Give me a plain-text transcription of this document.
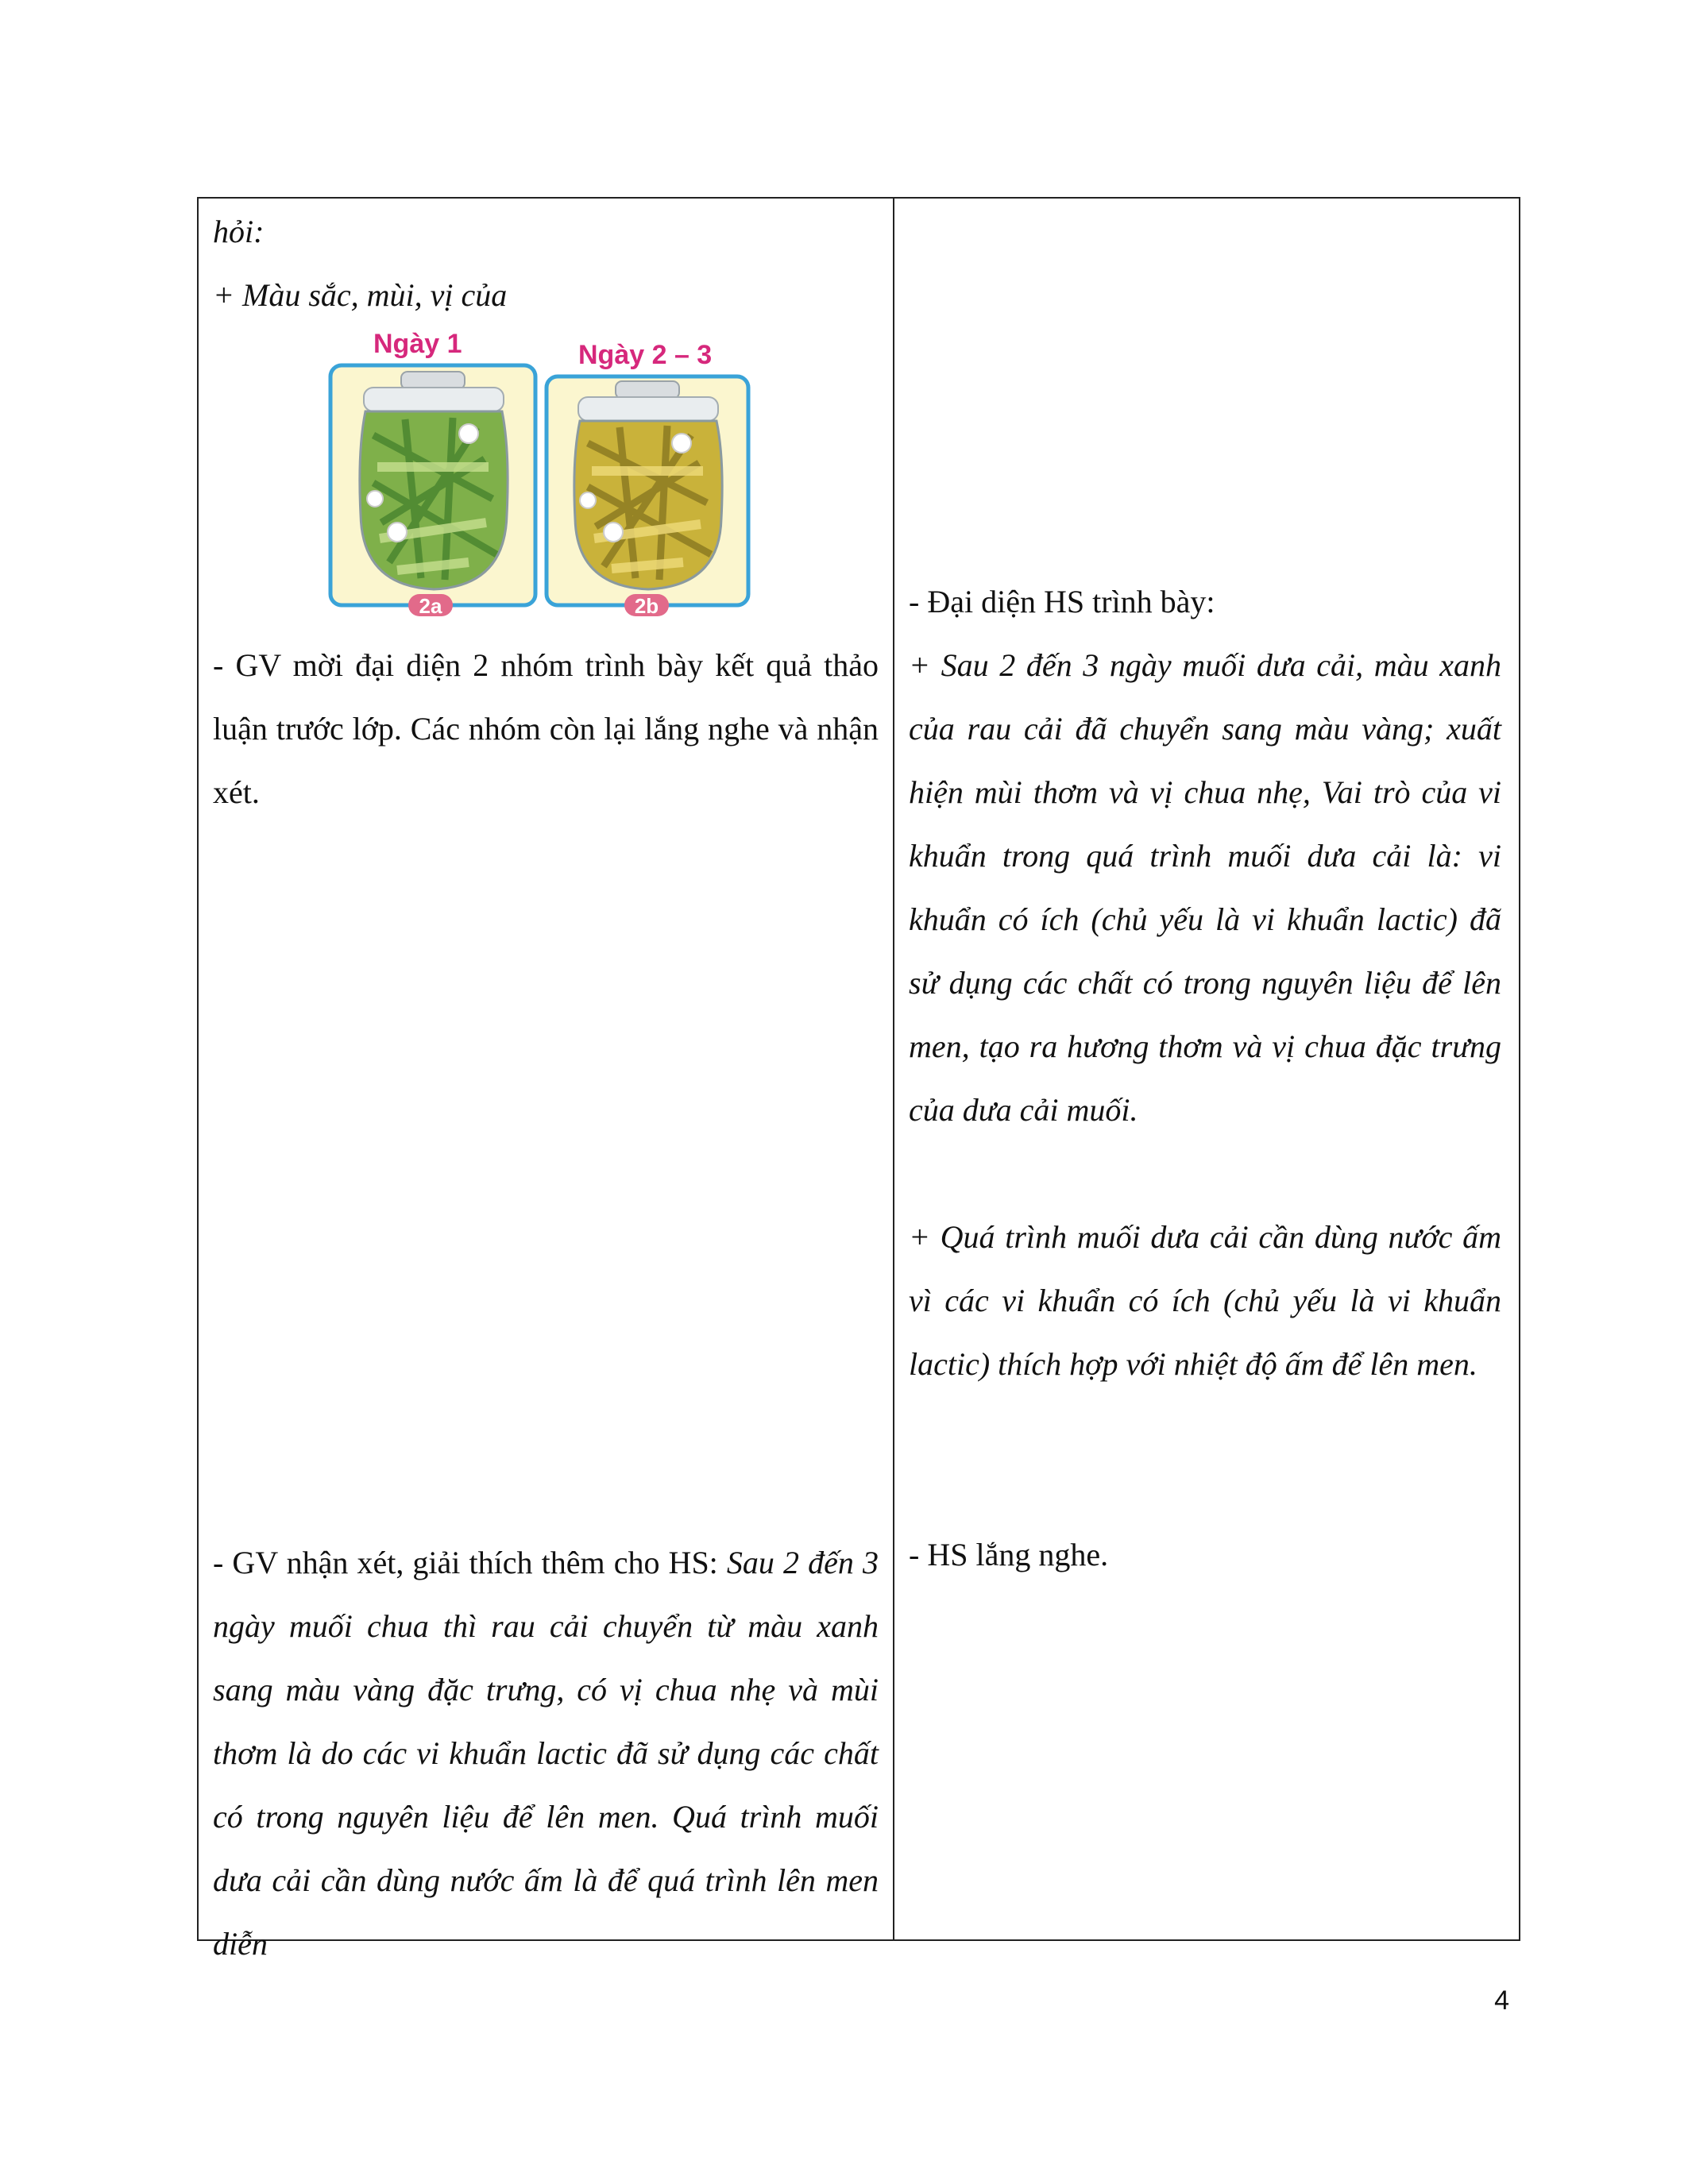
hỏi:

+ Màu sắc, mùi, vị của

Ngày 1	Ngày 2 – 3
2a	2b

- GV mời đại diện 2 nhóm trình bày kết quả thảo luận trước lớp. Các nhóm còn lại lắng nghe và nhận xét.

- GV nhận xét, giải thích thêm cho HS: Sau 2 đến 3 ngày muối chua thì rau cải chuyển từ màu xanh sang màu vàng đặc trưng, có vị chua nhẹ và mùi thơm là do các vi khuẩn lactic đã sử dụng các chất có trong nguyên liệu để lên men. Quá trình muối dưa cải cần dùng nước ấm là để quá trình lên men diễn

- Đại diện HS trình bày:

+ Sau 2 đến 3 ngày muối dưa cải, màu xanh của rau cải đã chuyển sang màu vàng; xuất hiện mùi thơm và vị chua nhẹ, Vai trò của vi khuẩn trong quá trình muối dưa cải là: vi khuẩn có ích (chủ yếu là vi khuẩn lactic) đã sử dụng các chất có trong nguyên liệu để lên men, tạo ra hương thơm và vị chua đặc trưng của dưa cải muối.

+ Quá trình muối dưa cải cần dùng nước ấm vì các vi khuẩn có ích (chủ yếu là vi khuẩn lactic) thích hợp với nhiệt độ ấm để lên men.

- HS lắng nghe.

4
